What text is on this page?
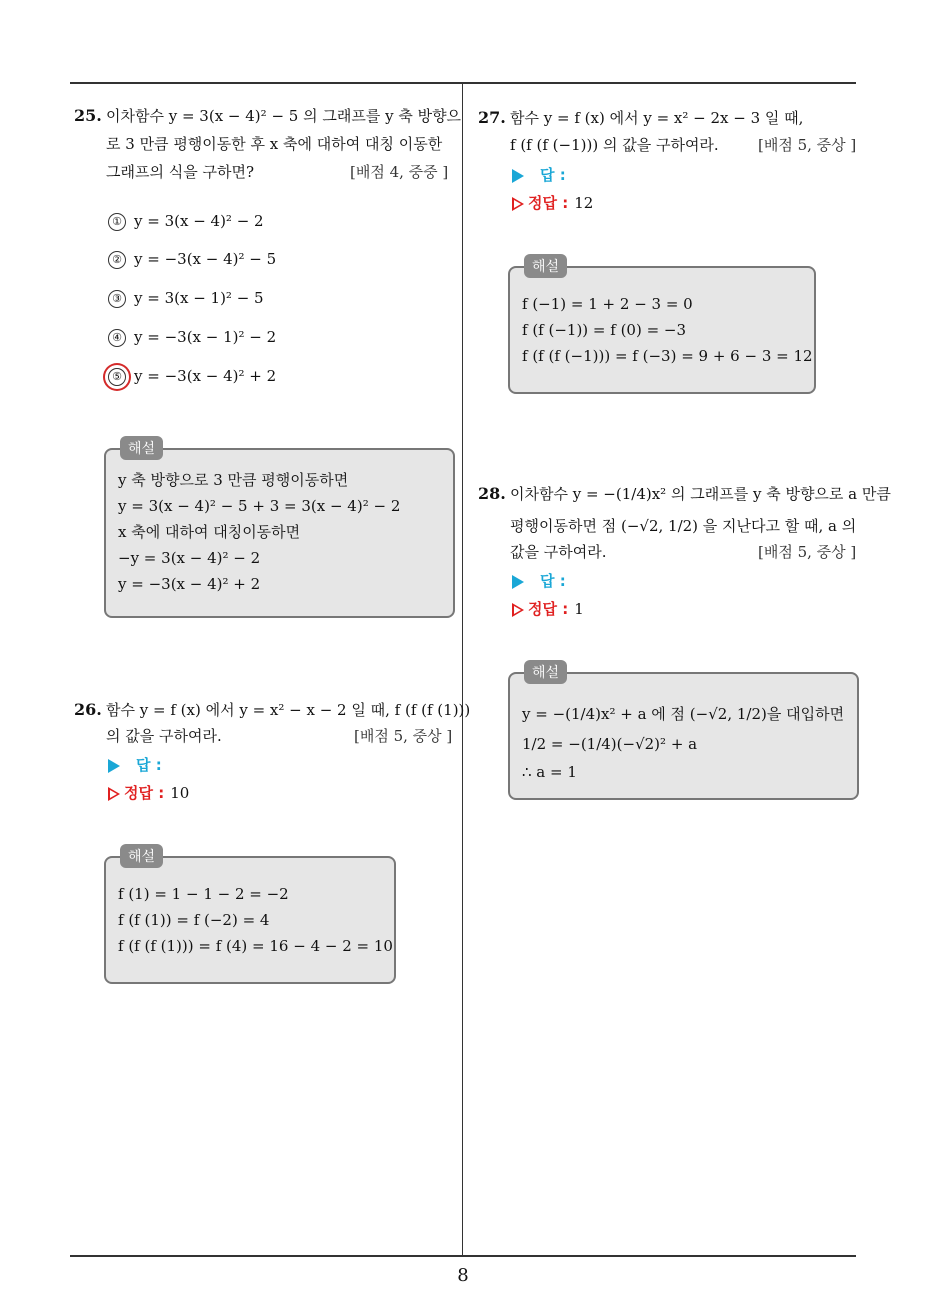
25. 이차함수 y = 3(x − 4)² − 5 의 그래프를 y 축 방향으
로 3 만큼 평행이동한 후 x 축에 대하여 대칭 이동한
그래프의 식을 구하면?	[배점 4, 중중 ]
① y = 3(x − 4)² − 2
② y = −3(x − 4)² − 5
③ y = 3(x − 1)² − 5
④ y = −3(x − 1)² − 2
⑤ y = −3(x − 4)² + 2
해설
y 축 방향으로 3 만큼 평행이동하면
y = 3(x − 4)² − 5 + 3 = 3(x − 4)² − 2
x 축에 대하여 대칭이동하면
−y = 3(x − 4)² − 2
y = −3(x − 4)² + 2
26. 함수 y = f (x) 에서 y = x² − x − 2 일 때, f (f (f (1)))
의 값을 구하여라.	[배점 5, 중상 ]
답 :
정답 : 10
해설
f (1) = 1 − 1 − 2 = −2
f (f (1)) = f (−2) = 4
f (f (f (1))) = f (4) = 16 − 4 − 2 = 10
27. 함수 y = f (x) 에서 y = x² − 2x − 3 일 때,
f (f (f (−1))) 의 값을 구하여라.	[배점 5, 중상 ]
답 :
정답 : 12
해설
f (−1) = 1 + 2 − 3 = 0
f (f (−1)) = f (0) = −3
f (f (f (−1))) = f (−3) = 9 + 6 − 3 = 12
28. 이차함수 y = −(1/4)x² 의 그래프를 y 축 방향으로 a 만큼
평행이동하면 점 (−√2, 1/2) 을 지난다고 할 때, a 의
값을 구하여라.	[배점 5, 중상 ]
답 :
정답 : 1
해설
y = −(1/4)x² + a 에 점 (−√2, 1/2)을 대입하면
1/2 = −(1/4)(−√2)² + a
∴ a = 1
8
